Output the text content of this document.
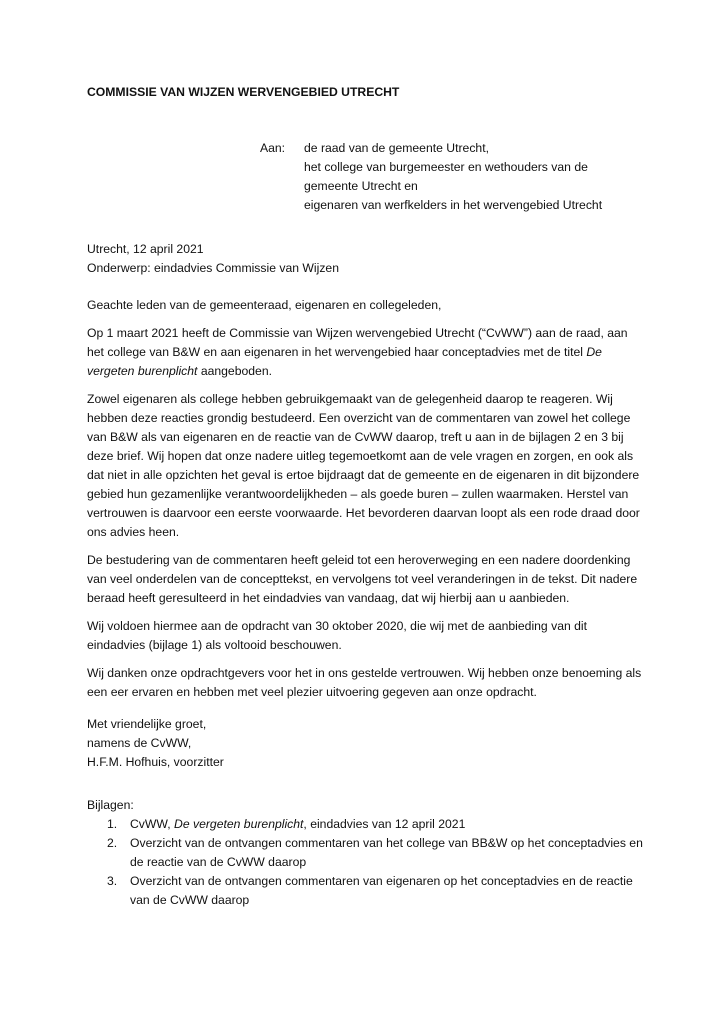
COMMISSIE VAN WIJZEN WERVENGEBIED UTRECHT
Aan: de raad van de gemeente Utrecht,
het college van burgemeester en wethouders van de
gemeente Utrecht en
eigenaren van werfkelders in het wervengebied Utrecht
Utrecht, 12 april 2021
Onderwerp: eindadvies Commissie van Wijzen

Geachte leden van de gemeenteraad, eigenaren en collegeleden,

Op 1 maart 2021 heeft de Commissie van Wijzen wervengebied Utrecht (“CvWW”) aan de raad, aan het college van B&W en aan eigenaren in het wervengebied haar conceptadvies met de titel De vergeten burenplicht aangeboden.

Zowel eigenaren als college hebben gebruikgemaakt van de gelegenheid daarop te reageren. Wij hebben deze reacties grondig bestudeerd. Een overzicht van de commentaren van zowel het college van B&W als van eigenaren en de reactie van de CvWW daarop, treft u aan in de bijlagen 2 en 3 bij deze brief. Wij hopen dat onze nadere uitleg tegemoetkomt aan de vele vragen en zorgen, en ook als dat niet in alle opzichten het geval is ertoe bijdraagt dat de gemeente en de eigenaren in dit bijzondere gebied hun gezamenlijke verantwoordelijkheden – als goede buren – zullen waarmaken. Herstel van vertrouwen is daarvoor een eerste voorwaarde. Het bevorderen daarvan loopt als een rode draad door ons advies heen.

De bestudering van de commentaren heeft geleid tot een heroverweging en een nadere doordenking van veel onderdelen van de concepttekst, en vervolgens tot veel veranderingen in de tekst. Dit nadere beraad heeft geresulteerd in het eindadvies van vandaag, dat wij hierbij aan u aanbieden.

Wij voldoen hiermee aan de opdracht van 30 oktober 2020, die wij met de aanbieding van dit eindadvies (bijlage 1) als voltooid beschouwen.

Wij danken onze opdrachtgevers voor het in ons gestelde vertrouwen. Wij hebben onze benoeming als een eer ervaren en hebben met veel plezier uitvoering gegeven aan onze opdracht.

Met vriendelijke groet,
namens de CvWW,
H.F.M. Hofhuis, voorzitter
Bijlagen:
1. CvWW, De vergeten burenplicht, eindadvies van 12 april 2021
2. Overzicht van de ontvangen commentaren van het college van BB&W op het conceptadvies en de reactie van de CvWW daarop
3. Overzicht van de ontvangen commentaren van eigenaren op het conceptadvies en de reactie van de CvWW daarop
